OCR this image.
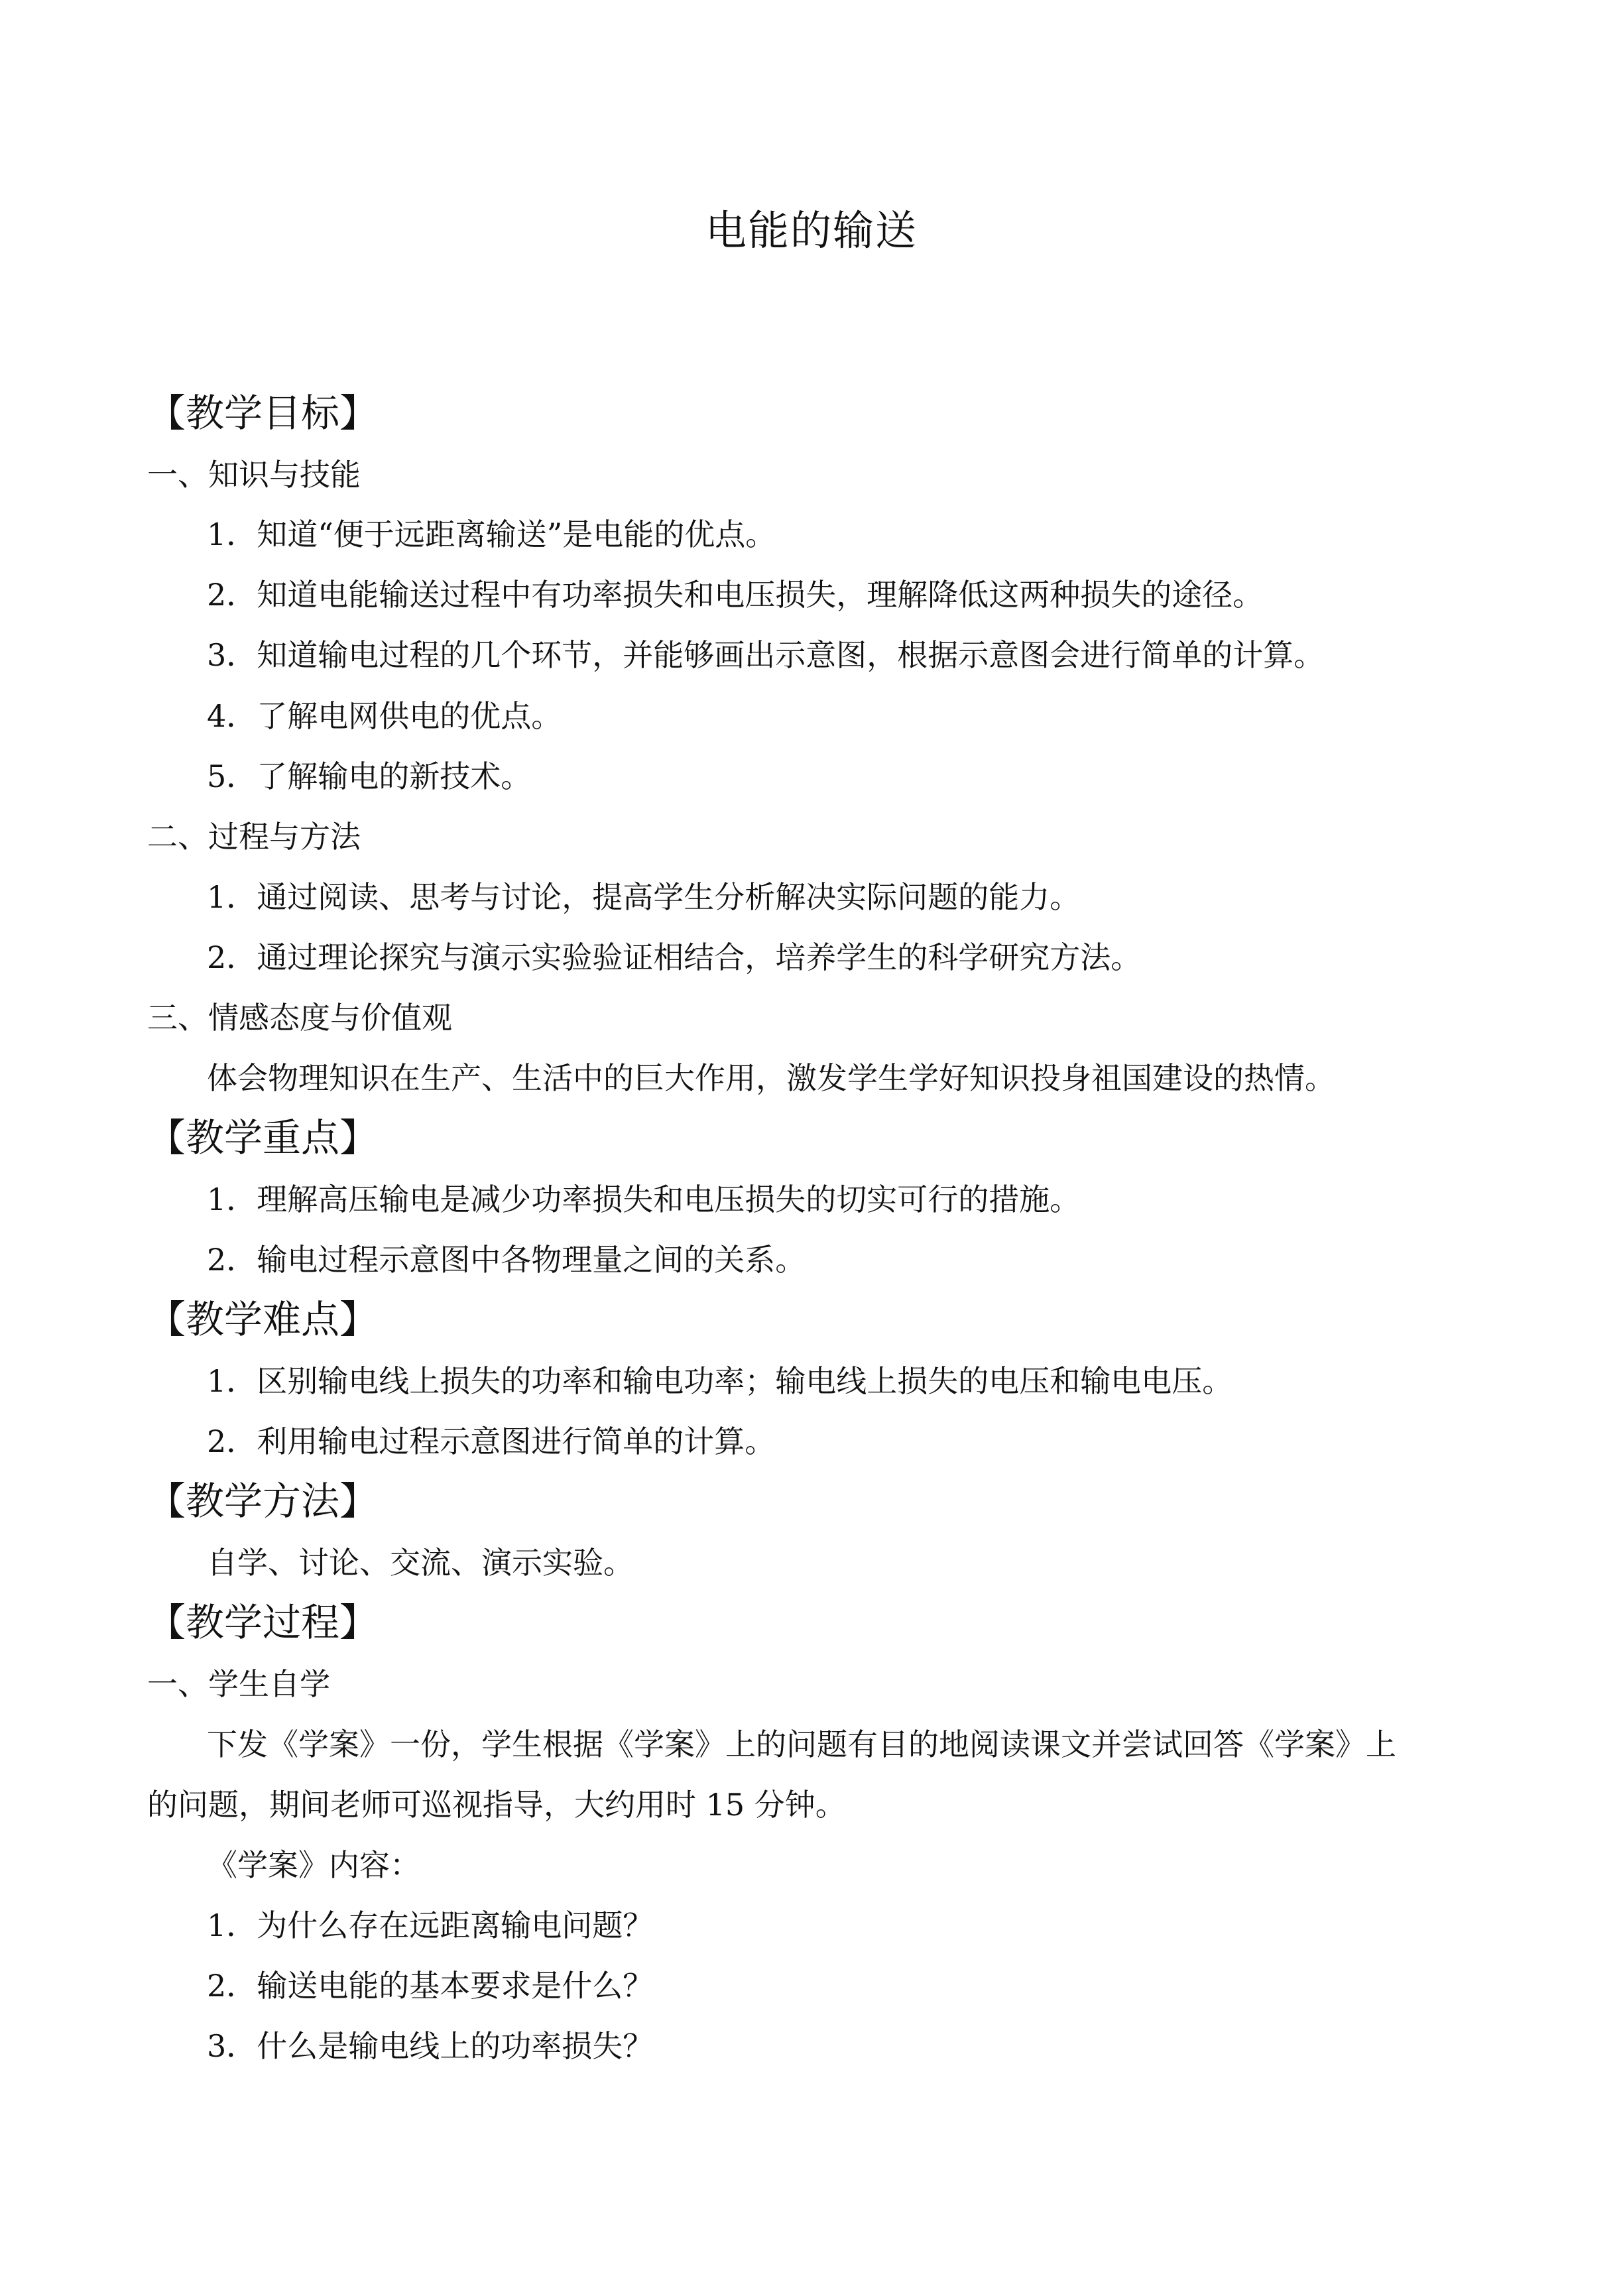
电能的输送
【教学目标】
一、知识与技能
1．知道“便于远距离输送”是电能的优点。
2．知道电能输送过程中有功率损失和电压损失，理解降低这两种损失的途径。
3．知道输电过程的几个环节，并能够画出示意图，根据示意图会进行简单的计算。
4．了解电网供电的优点。
5．了解输电的新技术。
二、过程与方法
1．通过阅读、思考与讨论，提高学生分析解决实际问题的能力。
2．通过理论探究与演示实验验证相结合，培养学生的科学研究方法。
三、情感态度与价值观
体会物理知识在生产、生活中的巨大作用，激发学生学好知识投身祖国建设的热情。
【教学重点】
1．理解高压输电是减少功率损失和电压损失的切实可行的措施。
2．输电过程示意图中各物理量之间的关系。
【教学难点】
1．区别输电线上损失的功率和输电功率；输电线上损失的电压和输电电压。
2．利用输电过程示意图进行简单的计算。
【教学方法】
自学、讨论、交流、演示实验。
【教学过程】
一、学生自学
下发《学案》一份，学生根据《学案》上的问题有目的地阅读课文并尝试回答《学案》上
的问题，期间老师可巡视指导，大约用时 15 分钟。
《学案》内容：
1．为什么存在远距离输电问题？
2．输送电能的基本要求是什么？
3．什么是输电线上的功率损失？
